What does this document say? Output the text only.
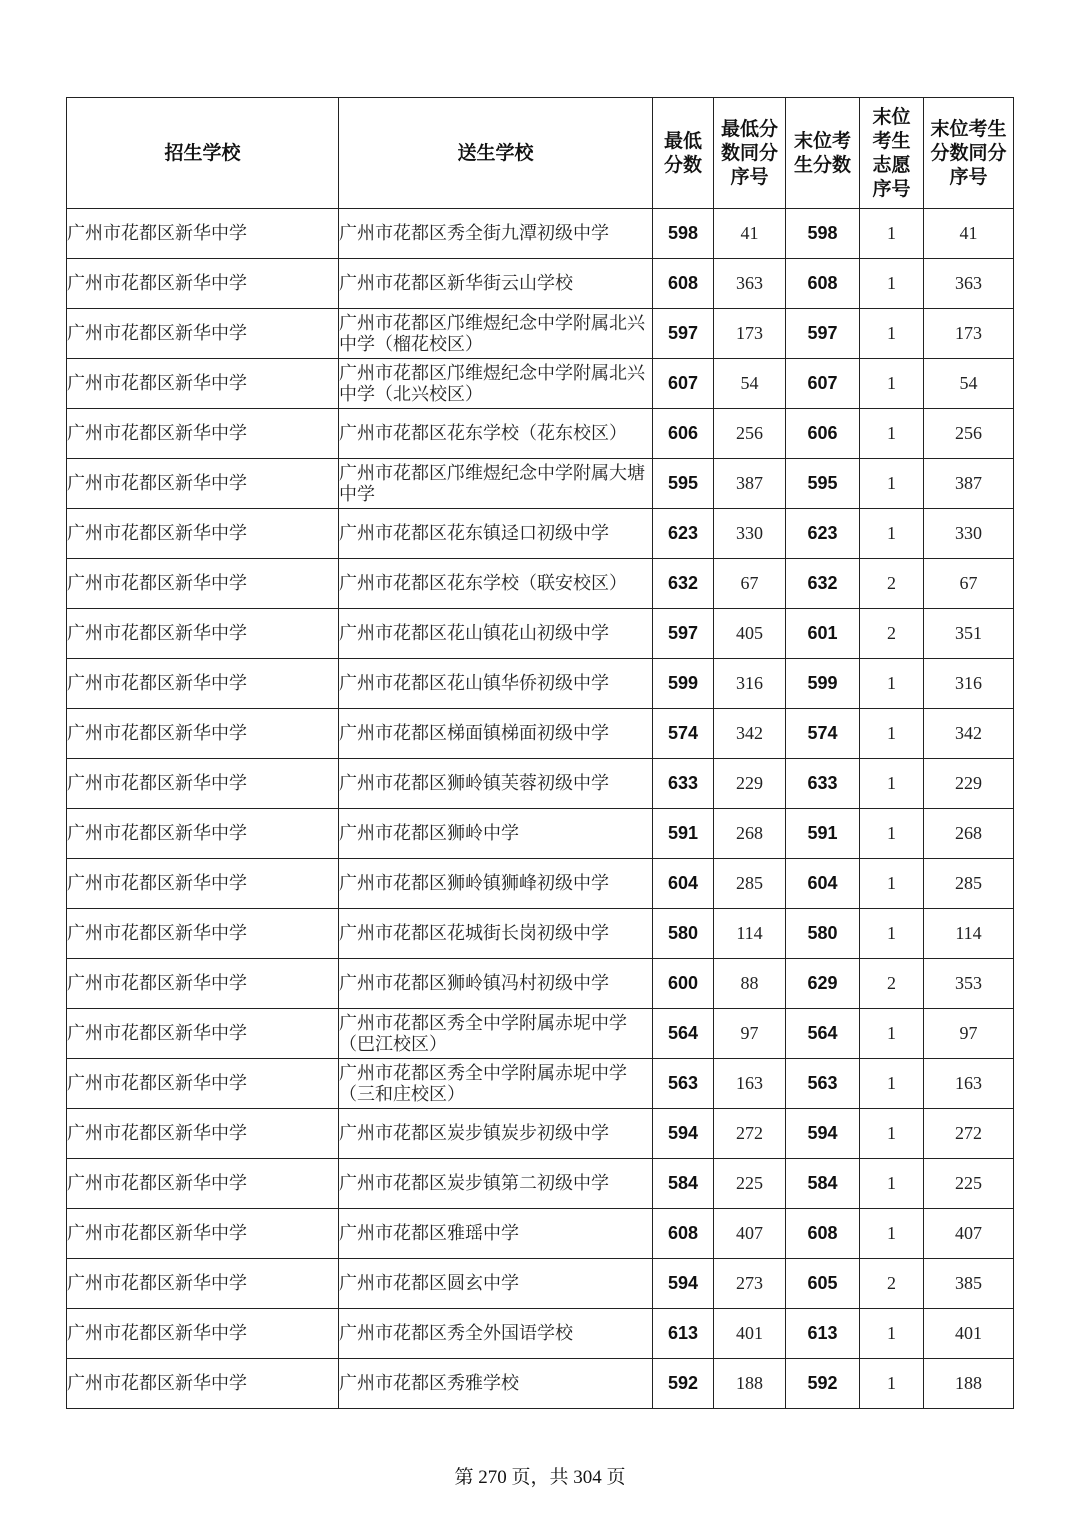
招生学校	送生学校	最低分数	最低分数同分序号	末位考生分数	末位考生志愿序号	末位考生分数同分序号

广州市花都区新华中学	广州市花都区秀全街九潭初级中学	598	41	598	1	41
广州市花都区新华中学	广州市花都区新华街云山学校	608	363	608	1	363
广州市花都区新华中学	广州市花都区邝维煜纪念中学附属北兴中学（榴花校区）	597	173	597	1	173
广州市花都区新华中学	广州市花都区邝维煜纪念中学附属北兴中学（北兴校区）	607	54	607	1	54
广州市花都区新华中学	广州市花都区花东学校（花东校区）	606	256	606	1	256
广州市花都区新华中学	广州市花都区邝维煜纪念中学附属大塘中学	595	387	595	1	387
广州市花都区新华中学	广州市花都区花东镇迳口初级中学	623	330	623	1	330
广州市花都区新华中学	广州市花都区花东学校（联安校区）	632	67	632	2	67
广州市花都区新华中学	广州市花都区花山镇花山初级中学	597	405	601	2	351
广州市花都区新华中学	广州市花都区花山镇华侨初级中学	599	316	599	1	316
广州市花都区新华中学	广州市花都区梯面镇梯面初级中学	574	342	574	1	342
广州市花都区新华中学	广州市花都区狮岭镇芙蓉初级中学	633	229	633	1	229
广州市花都区新华中学	广州市花都区狮岭中学	591	268	591	1	268
广州市花都区新华中学	广州市花都区狮岭镇狮峰初级中学	604	285	604	1	285
广州市花都区新华中学	广州市花都区花城街长岗初级中学	580	114	580	1	114
广州市花都区新华中学	广州市花都区狮岭镇冯村初级中学	600	88	629	2	353
广州市花都区新华中学	广州市花都区秀全中学附属赤坭中学（巴江校区）	564	97	564	1	97
广州市花都区新华中学	广州市花都区秀全中学附属赤坭中学（三和庄校区）	563	163	563	1	163
广州市花都区新华中学	广州市花都区炭步镇炭步初级中学	594	272	594	1	272
广州市花都区新华中学	广州市花都区炭步镇第二初级中学	584	225	584	1	225
广州市花都区新华中学	广州市花都区雅瑶中学	608	407	608	1	407
广州市花都区新华中学	广州市花都区圆玄中学	594	273	605	2	385
广州市花都区新华中学	广州市花都区秀全外国语学校	613	401	613	1	401
广州市花都区新华中学	广州市花都区秀雅学校	592	188	592	1	188
第 270 页，共 304 页
